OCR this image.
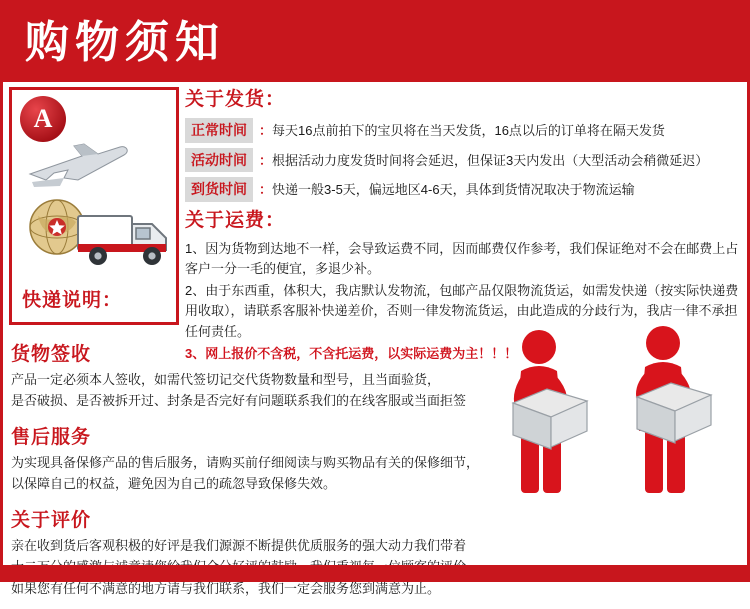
购物须知
A
快递说明：
关于发货：
正常时间 ：每天16点前拍下的宝贝将在当天发货，16点以后的订单将在隔天发货
活动时间 ：根据活动力度发货时间将会延迟，但保证3天内发出（大型活动会稍微延迟）
到货时间 ：快递一般3-5天，偏远地区4-6天，具体到货情况取决于物流运输
关于运费：
1、因为货物到达地不一样，会导致运费不同，因而邮费仅作参考，我们保证绝对不会在邮费上占客户一分一毛的便宜，多退少补。
2、由于东西重，体积大，我店默认发物流，包邮产品仅限物流货运，如需发快递（按实际快递费用收取），请联系客服补快递差价，否则一律发物流货运，由此造成的分歧行为，我店一律不承担任何责任。
3、网上报价不含税，不含托运费，以实际运费为主！！！
货物签收

产品一定必须本人签收，如需代签切记交代货物数量和型号，且当面验货，

是否破损、是否被拆开过、封条是否完好有问题联系我们的在线客服或当面拒签

售后服务

为实现具备保修产品的售后服务，请购买前仔细阅读与购买物品有关的保修细节，

以保障自己的权益，避免因为自己的疏忽导致保修失效。

关于评价

亲在收到货后客观积极的好评是我们源源不断提供优质服务的强大动力我们带着

如果您有任何不满意的地方请与我们联系，我们一定会服务您到满意为止。
